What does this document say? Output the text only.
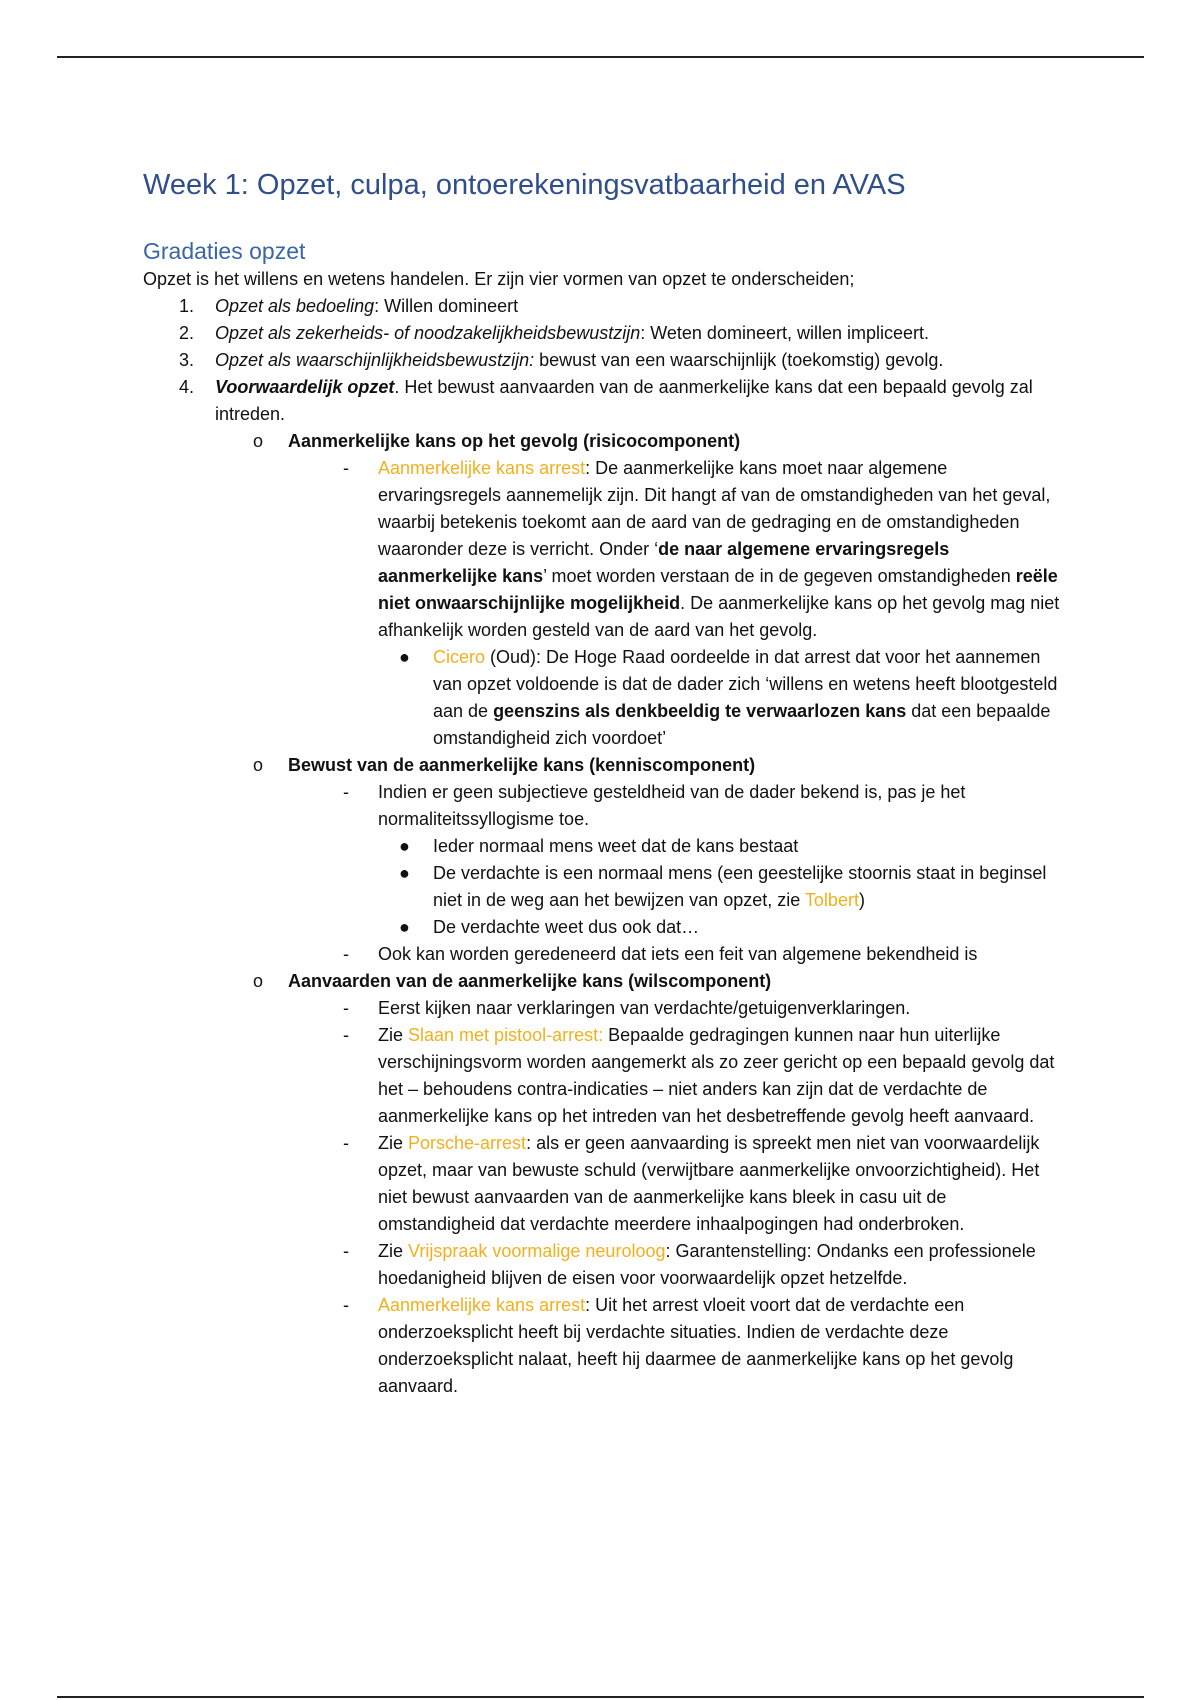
Week 1: Opzet, culpa, ontoerekeningsvatbaarheid en AVAS
Gradaties opzet

Opzet is het willens en wetens handelen. Er zijn vier vormen van opzet te onderscheiden;

1. Opzet als bedoeling: Willen domineert
2. Opzet als zekerheids- of noodzakelijkheidsbewustzijn: Weten domineert, willen impliceert.
3. Opzet als waarschijnlijkheidsbewustzijn: bewust van een waarschijnlijk (toekomstig) gevolg.
4. Voorwaardelijk opzet. Het bewust aanvaarden van de aanmerkelijke kans dat een bepaald gevolg zal intreden.
o Aanmerkelijke kans op het gevolg (risicocomponent)
- Aanmerkelijke kans arrest: De aanmerkelijke kans moet naar algemene ervaringsregels aannemelijk zijn. Dit hangt af van de omstandigheden van het geval, waarbij betekenis toekomt aan de aard van de gedraging en de omstandigheden waaronder deze is verricht. Onder ‘de naar algemene ervaringsregels aanmerkelijke kans’ moet worden verstaan de in de gegeven omstandigheden reële niet onwaarschijnlijke mogelijkheid. De aanmerkelijke kans op het gevolg mag niet afhankelijk worden gesteld van de aard van het gevolg.
● Cicero (Oud): De Hoge Raad oordeelde in dat arrest dat voor het aannemen van opzet voldoende is dat de dader zich ‘willens en wetens heeft blootgesteld aan de geenszins als denkbeeldig te verwaarlozen kans dat een bepaalde omstandigheid zich voordoet’
o Bewust van de aanmerkelijke kans (kenniscomponent)
- Indien er geen subjectieve gesteldheid van de dader bekend is, pas je het normaliteitssyllogisme toe.
● Ieder normaal mens weet dat de kans bestaat
● De verdachte is een normaal mens (een geestelijke stoornis staat in beginsel niet in de weg aan het bewijzen van opzet, zie Tolbert)
● De verdachte weet dus ook dat…
- Ook kan worden geredeneerd dat iets een feit van algemene bekendheid is
o Aanvaarden van de aanmerkelijke kans (wilscomponent)
- Eerst kijken naar verklaringen van verdachte/getuigenverklaringen.
- Zie Slaan met pistool-arrest: Bepaalde gedragingen kunnen naar hun uiterlijke verschijningsvorm worden aangemerkt als zo zeer gericht op een bepaald gevolg dat het – behoudens contra-indicaties – niet anders kan zijn dat de verdachte de aanmerkelijke kans op het intreden van het desbetreffende gevolg heeft aanvaard.
- Zie Porsche-arrest: als er geen aanvaarding is spreekt men niet van voorwaardelijk opzet, maar van bewuste schuld (verwijtbare aanmerkelijke onvoorzichtigheid). Het niet bewust aanvaarden van de aanmerkelijke kans bleek in casu uit de omstandigheid dat verdachte meerdere inhaalpogingen had onderbroken.
- Zie Vrijspraak voormalige neuroloog: Garantenstelling: Ondanks een professionele hoedanigheid blijven de eisen voor voorwaardelijk opzet hetzelfde.
- Aanmerkelijke kans arrest: Uit het arrest vloeit voort dat de verdachte een onderzoeksplicht heeft bij verdachte situaties. Indien de verdachte deze onderzoeksplicht nalaat, heeft hij daarmee de aanmerkelijke kans op het gevolg aanvaard.
